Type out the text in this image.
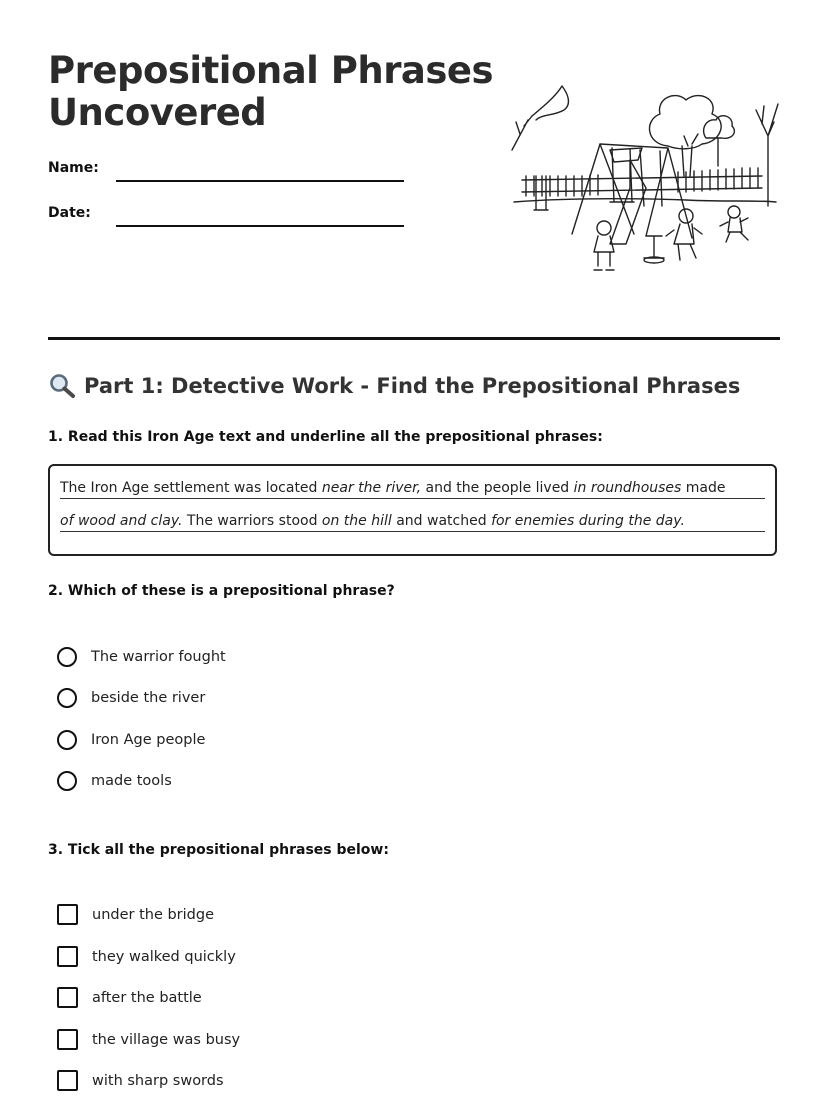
Prepositional Phrases
Uncovered
Name:
Date:
Part 1: Detective Work - Find the Prepositional Phrases
1. Read this Iron Age text and underline all the prepositional phrases:
The Iron Age settlement was located near the river, and the people lived in roundhouses made
of wood and clay. The warriors stood on the hill and watched for enemies during the day.
2. Which of these is a prepositional phrase?
The warrior fought
beside the river
Iron Age people
made tools
3. Tick all the prepositional phrases below:
under the bridge
they walked quickly
after the battle
the village was busy
with sharp swords
